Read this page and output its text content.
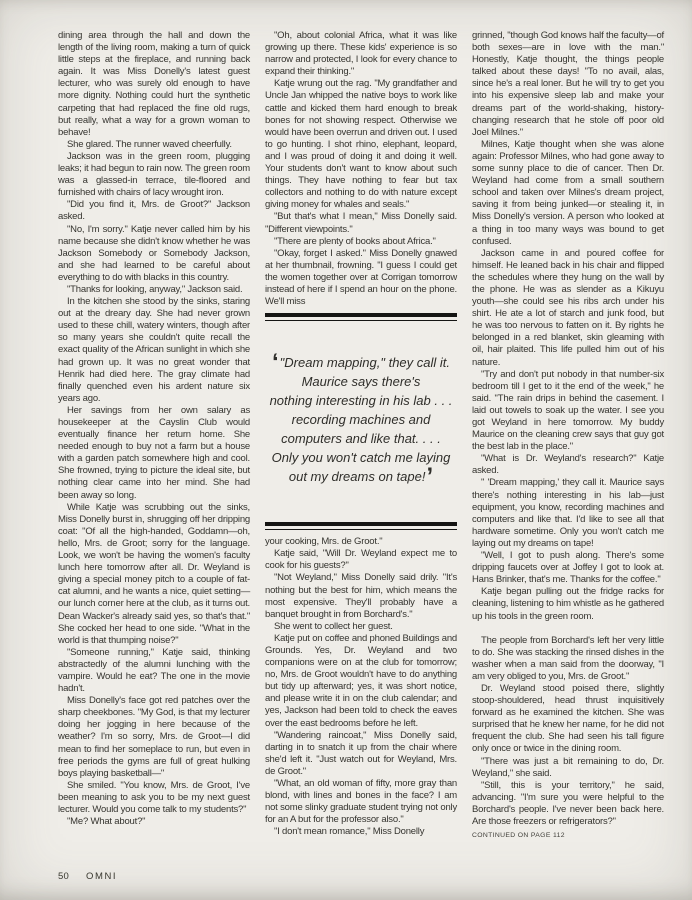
dining area through the hall and down the length of the living room, making a turn of quick little steps at the fireplace, and running back again. It was Miss Donelly's latest guest lecturer, who was surely old enough to have more dignity. Nothing could hurt the synthetic carpeting that had replaced the fine old rugs, but really, what a way for a grown woman to behave!

She glared. The runner waved cheerfully.

Jackson was in the green room, plugging leaks; it had begun to rain now. The green room was a glassed-in terrace, tile-floored and furnished with chairs of lacy wrought iron.

"Did you find it, Mrs. de Groot?" Jackson asked.

"No, I'm sorry." Katje never called him by his name because she didn't know whether he was Jackson Somebody or Somebody Jackson, and she had learned to be careful about everything to do with blacks in this country.

"Thanks for looking, anyway," Jackson said.

In the kitchen she stood by the sinks, staring out at the dreary day. She had never grown used to these chill, watery winters, though after so many years she couldn't quite recall the exact quality of the African sunlight in which she had grown up. It was no great wonder that Henrik had died here. The gray climate had finally quenched even his ardent nature six years ago.

Her savings from her own salary as housekeeper at the Cayslin Club would eventually finance her return home. She needed enough to buy not a farm but a house with a garden patch somewhere high and cool. She frowned, trying to picture the ideal site, but nothing clear came into her mind. She had been away so long.

While Katje was scrubbing out the sinks, Miss Donelly burst in, shrugging off her dripping coat: "Of all the high-handed, Goddamn—oh, hello, Mrs. de Groot; sorry for the language. Look, we won't be having the women's faculty lunch here tomorrow after all. Dr. Weyland is giving a special money pitch to a couple of fat-cat alumni, and he wants a nice, quiet setting—our lunch corner here at the club, as it turns out. Dean Wacker's already said yes, so that's that." She cocked her head to one side. "What in the world is that thumping noise?"

"Someone running," Katje said, thinking abstractedly of the alumni lunching with the vampire. Would he eat? The one in the movie hadn't.

Miss Donelly's face got red patches over the sharp cheekbones. "My God, is that my lecturer doing her jogging in here because of the weather? I'm so sorry, Mrs. de Groot—I did mean to find her someplace to run, but even in free periods the gyms are full of great hulking boys playing basketball—"

She smiled. "You know, Mrs. de Groot, I've been meaning to ask you to be my next guest lecturer. Would you come talk to my students?"

"Me? What about?"

"Oh, about colonial Africa, what it was like growing up there. These kids' experience is so narrow and protected, I look for every chance to expand their thinking."

Katje wrung out the rag. "My grandfather and Uncle Jan whipped the native boys to work like cattle and kicked them hard enough to break bones for not showing respect. Otherwise we would have been overrun and driven out. I used to go hunting. I shot rhino, elephant, leopard, and I was proud of doing it and doing it well. Your students don't want to know about such things. They have nothing to fear but tax collectors and nothing to do with nature except giving money for whales and seals."

"But that's what I mean," Miss Donelly said. "Different viewpoints."

"There are plenty of books about Africa."

"Okay, forget I asked." Miss Donelly gnawed at her thumbnail, frowning. "I guess I could get the women together over at Corrigan tomorrow instead of here if I spend an hour on the phone. We'll miss

‘"Dream mapping," they call it.
Maurice says there's
nothing interesting in his lab . . .
recording machines and
computers and like that. . . .
Only you won't catch me laying
out my dreams on tape!’

your cooking, Mrs. de Groot."

Katje said, "Will Dr. Weyland expect me to cook for his guests?"

"Not Weyland," Miss Donelly said drily. "It's nothing but the best for him, which means the most expensive. They'll probably have a banquet brought in from Borchard's."

She went to collect her guest.

Katje put on coffee and phoned Buildings and Grounds. Yes, Dr. Weyland and two companions were on at the club for tomorrow; no, Mrs. de Groot wouldn't have to do anything but tidy up afterward; yes, it was short notice, and please write it in on the club calendar; and yes, Jackson had been told to check the eaves over the east bedrooms before he left.

"Wandering raincoat," Miss Donelly said, darting in to snatch it up from the chair where she'd left it. "Just watch out for Weyland, Mrs. de Groot."

"What, an old woman of fifty, more gray than blond, with lines and bones in the face? I am not some slinky graduate student trying not only for an A but for the professor also."

"I don't mean romance," Miss Donelly

grinned, "though God knows half the faculty—of both sexes—are in love with the man." Honestly, Katje thought, the things people talked about these days! "To no avail, alas, since he's a real loner. But he will try to get you into his expensive sleep lab and make your dreams part of the world-shaking, history-changing research that he stole off poor old Joel Milnes."

Milnes, Katje thought when she was alone again: Professor Milnes, who had gone away to some sunny place to die of cancer. Then Dr. Weyland had come from a small southern school and taken over Milnes's dream project, saving it from being junked—or stealing it, in Miss Donelly's version. A person who looked at a thing in too many ways was bound to get confused.

Jackson came in and poured coffee for himself. He leaned back in his chair and flipped the schedules where they hung on the wall by the phone. He was as slender as a Kikuyu youth—she could see his ribs arch under his shirt. He ate a lot of starch and junk food, but he was too nervous to fatten on it. By rights he belonged in a red blanket, skin gleaming with oil, hair plaited. This life pulled him out of his nature.

"Try and don't put nobody in that number-six bedroom till I get to it the end of the week," he said. "The rain drips in behind the casement. I laid out towels to soak up the water. I see you got Weyland in here tomorrow. My buddy Maurice on the cleaning crew says that guy got the best lab in the place."

"What is Dr. Weyland's research?" Katje asked.

" 'Dream mapping,' they call it. Maurice says there's nothing interesting in his lab—just equipment, you know, recording machines and computers and like that. I'd like to see all that hardware sometime. Only you won't catch me laying out my dreams on tape!

"Well, I got to push along. There's some dripping faucets over at Joffey I got to look at. Hans Brinker, that's me. Thanks for the coffee."

Katje began pulling out the fridge racks for cleaning, listening to him whistle as he gathered up his tools in the green room.

The people from Borchard's left her very little to do. She was stacking the rinsed dishes in the washer when a man said from the doorway, "I am very obliged to you, Mrs. de Groot."

Dr. Weyland stood poised there, slightly stoop-shouldered, head thrust inquisitively forward as he examined the kitchen. She was surprised that he knew her name, for he did not frequent the club. She had seen his tall figure only once or twice in the dining room.

"There was just a bit remaining to do, Dr. Weyland," she said.

"Still, this is your territory," he said, advancing. "I'm sure you were helpful to the Borchard's people. I've never been back here. Are those freezers or refrigerators?"

CONTINUED ON PAGE 112
50 OMNI
